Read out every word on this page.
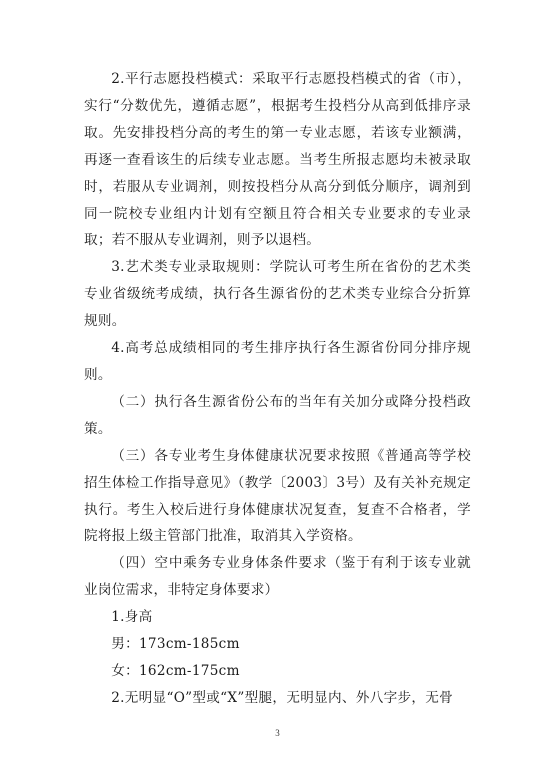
2.平行志愿投档模式：采取平行志愿投档模式的省（市），实行“分数优先，遵循志愿”，根据考生投档分从高到低排序录取。先安排投档分高的考生的第一专业志愿，若该专业额满，再逐一查看该生的后续专业志愿。当考生所报志愿均未被录取时，若服从专业调剂，则按投档分从高分到低分顺序，调剂到同一院校专业组内计划有空额且符合相关专业要求的专业录取；若不服从专业调剂，则予以退档。

3.艺术类专业录取规则：学院认可考生所在省份的艺术类专业省级统考成绩，执行各生源省份的艺术类专业综合分折算规则。

4.高考总成绩相同的考生排序执行各生源省份同分排序规则。

（二）执行各生源省份公布的当年有关加分或降分投档政策。

（三）各专业考生身体健康状况要求按照《普通高等学校招生体检工作指导意见》（教学〔2003〕3号）及有关补充规定执行。考生入校后进行身体健康状况复查，复查不合格者，学院将报上级主管部门批准，取消其入学资格。

（四）空中乘务专业身体条件要求（鉴于有利于该专业就业岗位需求，非特定身体要求）

1.身高

男：173cm-185cm

女：162cm-175cm

2.无明显“O”型或“X”型腿，无明显内、外八字步，无骨

3
